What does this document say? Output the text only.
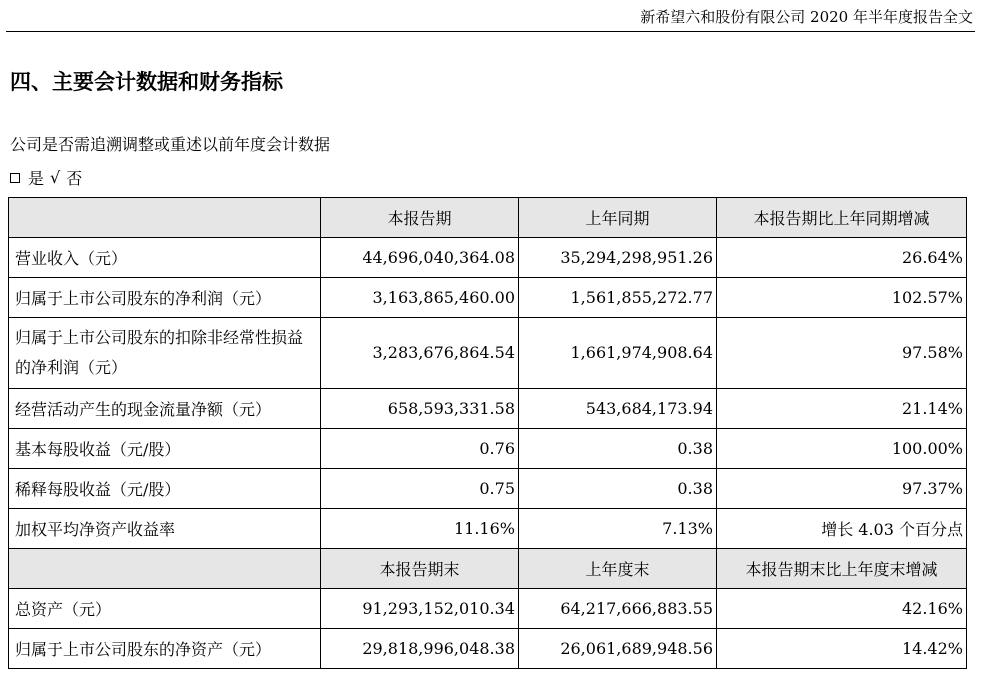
新希望六和股份有限公司 2020 年半年度报告全文
四、主要会计数据和财务指标
公司是否需追溯调整或重述以前年度会计数据
是 √ 否
	本报告期	上年同期	本报告期比上年同期增减
营业收入（元）	44,696,040,364.08	35,294,298,951.26	26.64%
归属于上市公司股东的净利润（元）	3,163,865,460.00	1,561,855,272.77	102.57%
归属于上市公司股东的扣除非经常性损益的净利润（元）	3,283,676,864.54	1,661,974,908.64	97.58%
经营活动产生的现金流量净额（元）	658,593,331.58	543,684,173.94	21.14%
基本每股收益（元/股）	0.76	0.38	100.00%
稀释每股收益（元/股）	0.75	0.38	97.37%
加权平均净资产收益率	11.16%	7.13%	增长 4.03 个百分点
	本报告期末	上年度末	本报告期末比上年度末增减
总资产（元）	91,293,152,010.34	64,217,666,883.55	42.16%
归属于上市公司股东的净资产（元）	29,818,996,048.38	26,061,689,948.56	14.42%
